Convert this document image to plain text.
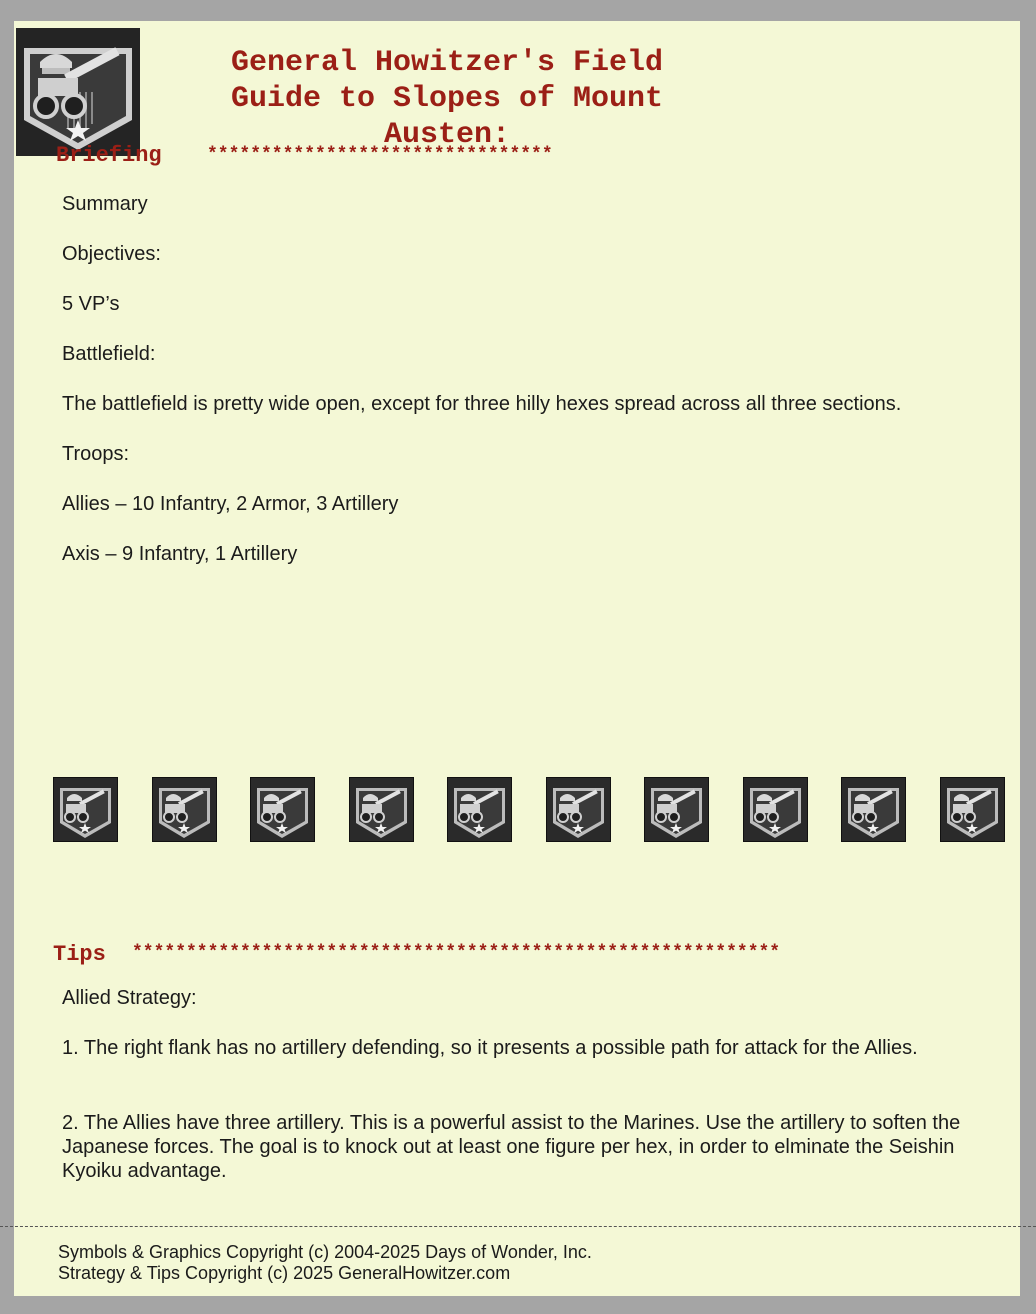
General Howitzer's Field
Guide to Slopes of Mount
Austen:
Briefing	********************************
Summary
Objectives:
5 VP’s
Battlefield:
The battlefield is pretty wide open, except for three hilly hexes spread across all three sections.
Troops:
Allies – 10 Infantry, 2 Armor, 3 Artillery
Axis – 9 Infantry, 1 Artillery
Tips ************************************************************
Allied Strategy:
1. The right flank has no artillery defending, so it presents a possible path for attack for the Allies.
2. The Allies have three artillery. This is a powerful assist to the Marines. Use the artillery to soften the Japanese forces. The goal is to knock out at least one figure per hex, in order to elminate the Seishin Kyoiku advantage.
Symbols & Graphics Copyright (c) 2004-2025 Days of Wonder, Inc.
Strategy & Tips Copyright (c) 2025 GeneralHowitzer.com
